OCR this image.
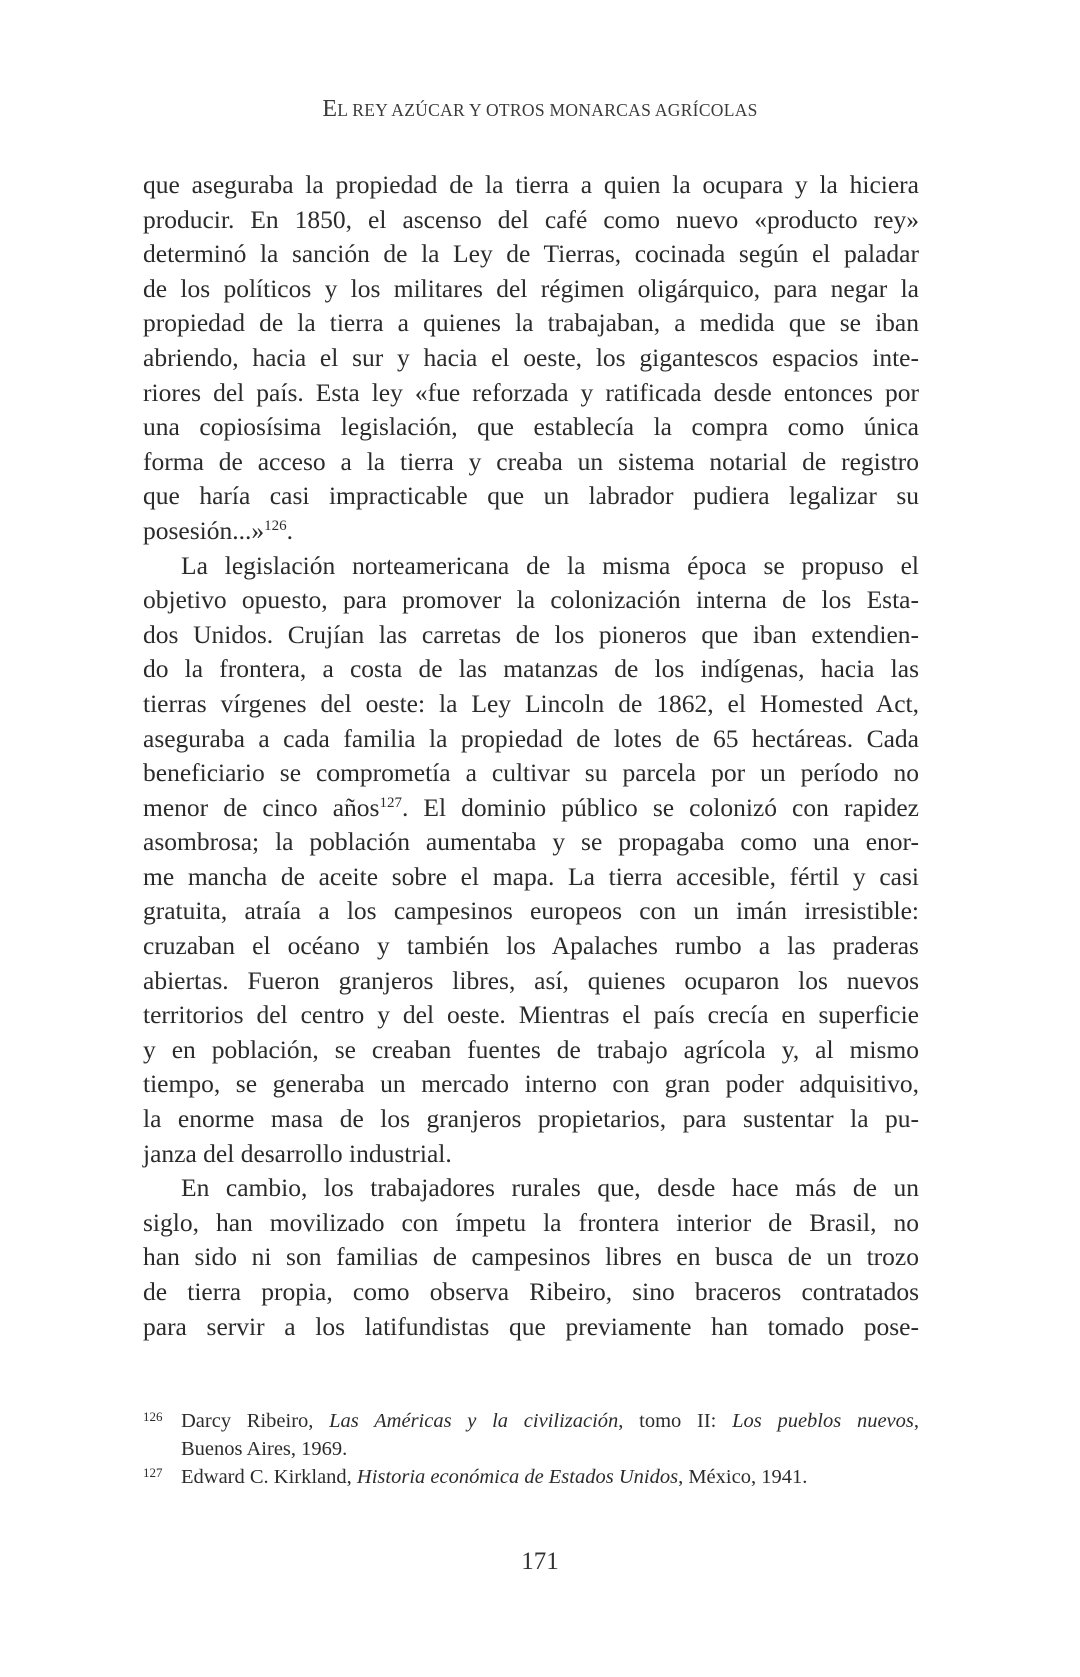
EL REY AZÚCAR Y OTROS MONARCAS AGRÍCOLAS
que aseguraba la propiedad de la tierra a quien la ocupara y la hiciera
producir. En 1850, el ascenso del café como nuevo «producto rey»
determinó la sanción de la Ley de Tierras, cocinada según el paladar
de los políticos y los militares del régimen oligárquico, para negar la
propiedad de la tierra a quienes la trabajaban, a medida que se iban
abriendo, hacia el sur y hacia el oeste, los gigantescos espacios inte-
riores del país. Esta ley «fue reforzada y ratificada desde entonces por
una copiosísima legislación, que establecía la compra como única
forma de acceso a la tierra y creaba un sistema notarial de registro
que haría casi impracticable que un labrador pudiera legalizar su
posesión...»$^{126}$.
La legislación norteamericana de la misma época se propuso el
objetivo opuesto, para promover la colonización interna de los Esta-
dos Unidos. Crujían las carretas de los pioneros que iban extendien-
do la frontera, a costa de las matanzas de los indígenas, hacia las
tierras vírgenes del oeste: la Ley Lincoln de 1862, el Homested Act,
aseguraba a cada familia la propiedad de lotes de 65 hectáreas. Cada
beneficiario se comprometía a cultivar su parcela por un período no
menor de cinco años$^{127}$. El dominio público se colonizó con rapidez
asombrosa; la población aumentaba y se propagaba como una enor-
me mancha de aceite sobre el mapa. La tierra accesible, fértil y casi
gratuita, atraía a los campesinos europeos con un imán irresistible:
cruzaban el océano y también los Apalaches rumbo a las praderas
abiertas. Fueron granjeros libres, así, quienes ocuparon los nuevos
territorios del centro y del oeste. Mientras el país crecía en superficie
y en población, se creaban fuentes de trabajo agrícola y, al mismo
tiempo, se generaba un mercado interno con gran poder adquisitivo,
la enorme masa de los granjeros propietarios, para sustentar la pu-
janza del desarrollo industrial.
En cambio, los trabajadores rurales que, desde hace más de un
siglo, han movilizado con ímpetu la frontera interior de Brasil, no
han sido ni son familias de campesinos libres en busca de un trozo
de tierra propia, como observa Ribeiro, sino braceros contratados
para servir a los latifundistas que previamente han tomado pose-
126 Darcy Ribeiro, Las Américas y la civilización, tomo II: Los pueblos nuevos,
Buenos Aires, 1969.
127 Edward C. Kirkland, Historia económica de Estados Unidos, México, 1941.
171
